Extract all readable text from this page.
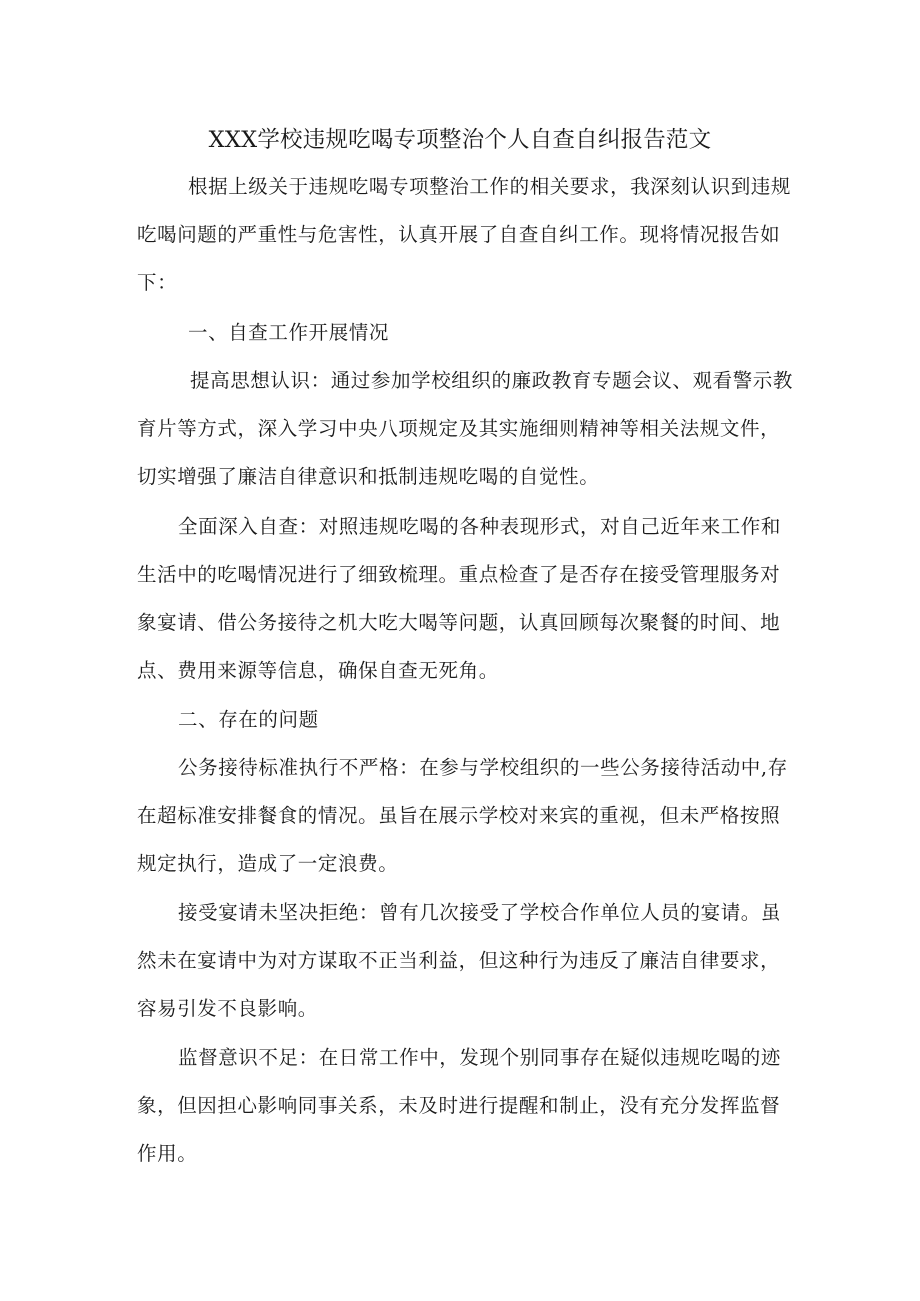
XXX学校违规吃喝专项整治个人自查自纠报告范文
根据上级关于违规吃喝专项整治工作的相关要求，我深刻认识到违规
吃喝问题的严重性与危害性，认真开展了自查自纠工作。现将情况报告如
下：
一、自查工作开展情况
提高思想认识：通过参加学校组织的廉政教育专题会议、观看警示教
育片等方式，深入学习中央八项规定及其实施细则精神等相关法规文件，
切实增强了廉洁自律意识和抵制违规吃喝的自觉性。
全面深入自查：对照违规吃喝的各种表现形式，对自己近年来工作和
生活中的吃喝情况进行了细致梳理。重点检查了是否存在接受管理服务对
象宴请、借公务接待之机大吃大喝等问题，认真回顾每次聚餐的时间、地
点、费用来源等信息，确保自查无死角。
二、存在的问题
公务接待标准执行不严格：在参与学校组织的一些公务接待活动中,存
在超标准安排餐食的情况。虽旨在展示学校对来宾的重视，但未严格按照
规定执行，造成了一定浪费。
接受宴请未坚决拒绝：曾有几次接受了学校合作单位人员的宴请。虽
然未在宴请中为对方谋取不正当利益，但这种行为违反了廉洁自律要求，
容易引发不良影响。
监督意识不足：在日常工作中，发现个别同事存在疑似违规吃喝的迹
象，但因担心影响同事关系，未及时进行提醒和制止，没有充分发挥监督
作用。
